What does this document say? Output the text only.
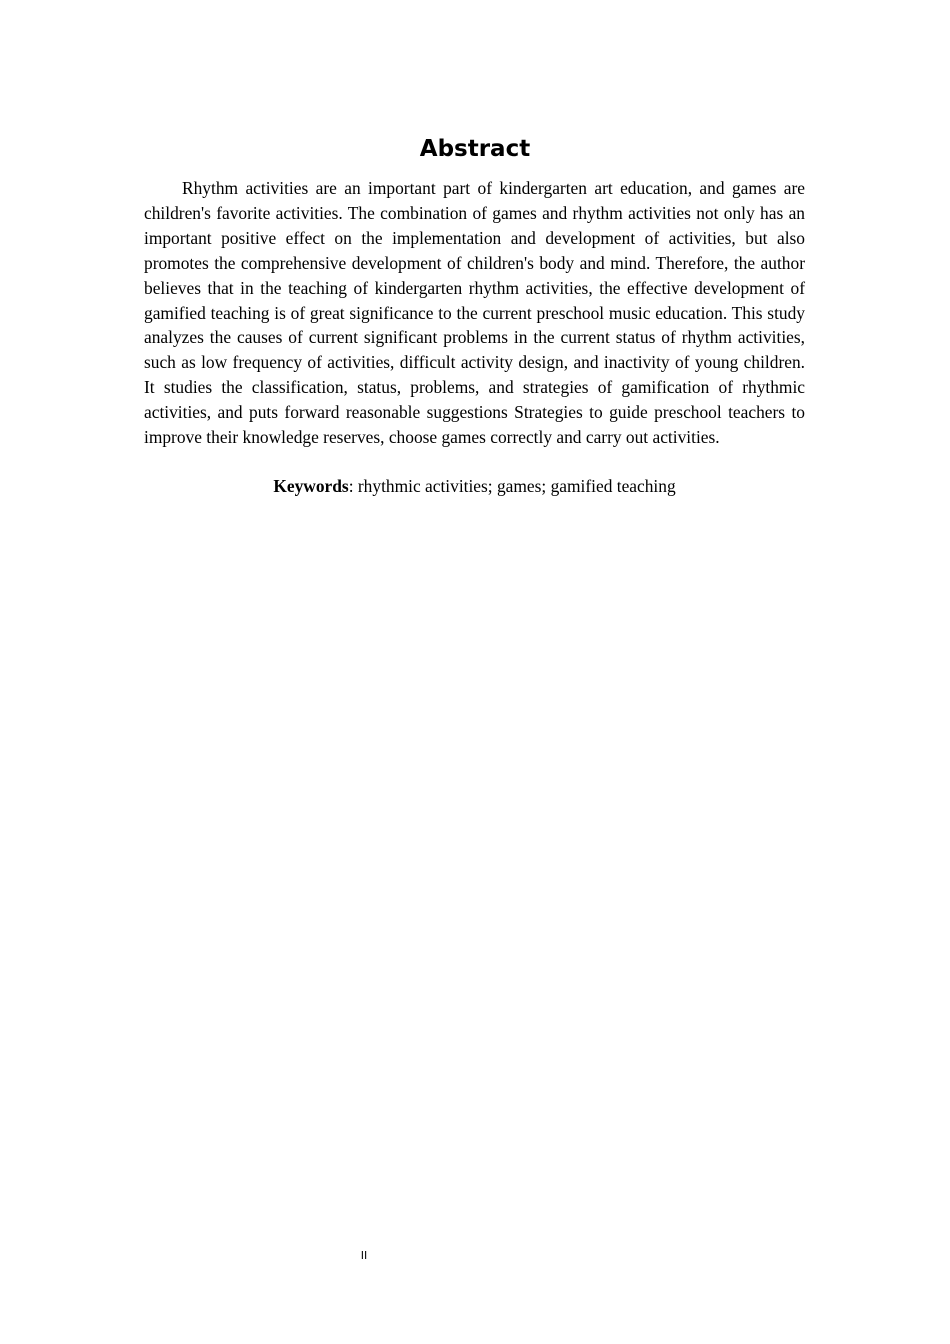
Abstract

Rhythm activities are an important part of kindergarten art education, and games are children's favorite activities. The combination of games and rhythm activities not only has an important positive effect on the implementation and development of activities, but also promotes the comprehensive development of children's body and mind. Therefore, the author believes that in the teaching of kindergarten rhythm activities, the effective development of gamified teaching is of great significance to the current preschool music education. This study analyzes the causes of current significant problems in the current status of rhythm activities, such as low frequency of activities, difficult activity design, and inactivity of young children. It studies the classification, status, problems, and strategies of gamification of rhythmic activities, and puts forward reasonable suggestions Strategies to guide preschool teachers to improve their knowledge reserves, choose games correctly and carry out activities.

Keywords: rhythmic activities; games; gamified teaching

II
